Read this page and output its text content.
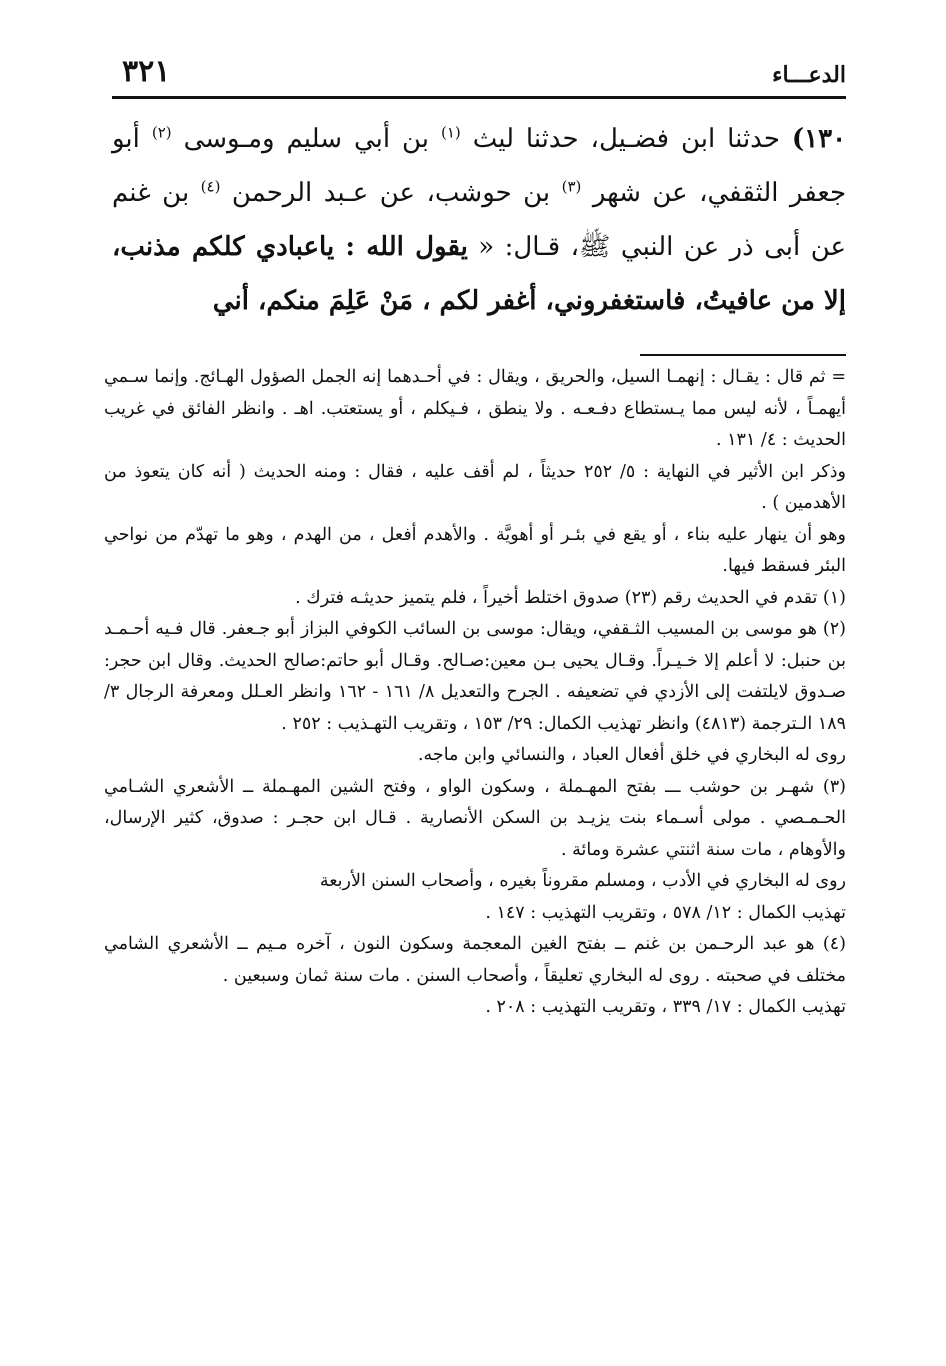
الدعـــاء
٣٢١

١٣٠) حدثنا ابن فضـيل، حدثنا ليث $^{(١)}$ بن أبي سليم ومـوسى $^{(٢)}$ أبو جعفر الثقفي، عن شهر $^{(٣)}$ بن حوشب، عن عـبد الرحمن $^{(٤)}$ بن غنم عن أبى ذر عن النبي ﷺ، قـال: « يقول الله : ياعبادي كلكم مذنب، إلا من عافيتُ، فاستغفروني، أغفر لكم ، مَنْ عَلِمَ منكم، أني

= ثم قال : يقـال : إنهمـا السيل، والحريق ، ويقال : في أحـدهما إنه الجمل الصؤول الهـائج. وإنما سـمي أيهمـاً ، لأنه ليس مما يـستطاع دفـعـه . ولا ينطق ، فـيكلم ، أو يستعتب. اهـ . وانظر الفائق في غريب الحديث : ٤/ ١٣١ .

وذكر ابن الأثير في النهاية : ٥/ ٢٥٢ حديثاً ، لم أقف عليه ، فقال : ومنه الحديث ( أنه كان يتعوذ من الأهدمين ) .

وهو أن ينهار عليه بناء ، أو يقع في بئـر أو أهويَّة . والأهدم أفعل ، من الهدم ، وهو ما تهدّم من نواحي البئر فسقط فيها.

(١) تقدم في الحديث رقم (٢٣) صدوق اختلط أخيراً ، فلم يتميز حديثـه فترك .

(٢) هو موسى بن المسيب الثـقفي، ويقال: موسى بن السائب الكوفي البزاز أبو جـعفر. قال فـيه أحـمـد بن حنبل: لا أعلم إلا خـيـراً. وقـال يحيى بـن معين:صـالح. وقـال أبو حاتم:صالح الحديث. وقال ابن حجر: صـدوق لايلتفت إلى الأزدي في تضعيفه . الجرح والتعديل ٨/ ١٦١ - ١٦٢ وانظر العـلل ومعرفة الرجال ٣/ ١٨٩ الـترجمة (٤٨١٣) وانظر تهذيب الكمال: ٢٩/ ١٥٣ ، وتقريب التهـذيب : ٢٥٢ .

روى له البخاري في خلق أفعال العباد ، والنسائي وابن ماجه.

(٣) شهـر بن حوشب ـــ بفتح المهـملة ، وسكون الواو ، وفتح الشين المهـملة ــ الأشعري الشـامي الحـمـصي . مولى أسـماء بنت يزيـد بن السكن الأنصارية . قـال ابن حجـر : صدوق، كثير الإرسال، والأوهام ، مات سنة اثنتي عشرة ومائة .

روى له البخاري في الأدب ، ومسلم مقروناً بغيره ، وأصحاب السنن الأربعة

تهذيب الكمال : ١٢/ ٥٧٨ ، وتقريب التهذيب : ١٤٧ .

(٤) هو عبد الرحـمن بن غنم ــ بفتح الغين المعجمة وسكون النون ، آخره مـيم ــ الأشعري الشامي مختلف في صحبته . روى له البخاري تعليقاً ، وأصحاب السنن . مات سنة ثمان وسبعين .

تهذيب الكمال : ١٧/ ٣٣٩ ، وتقريب التهذيب : ٢٠٨ .
